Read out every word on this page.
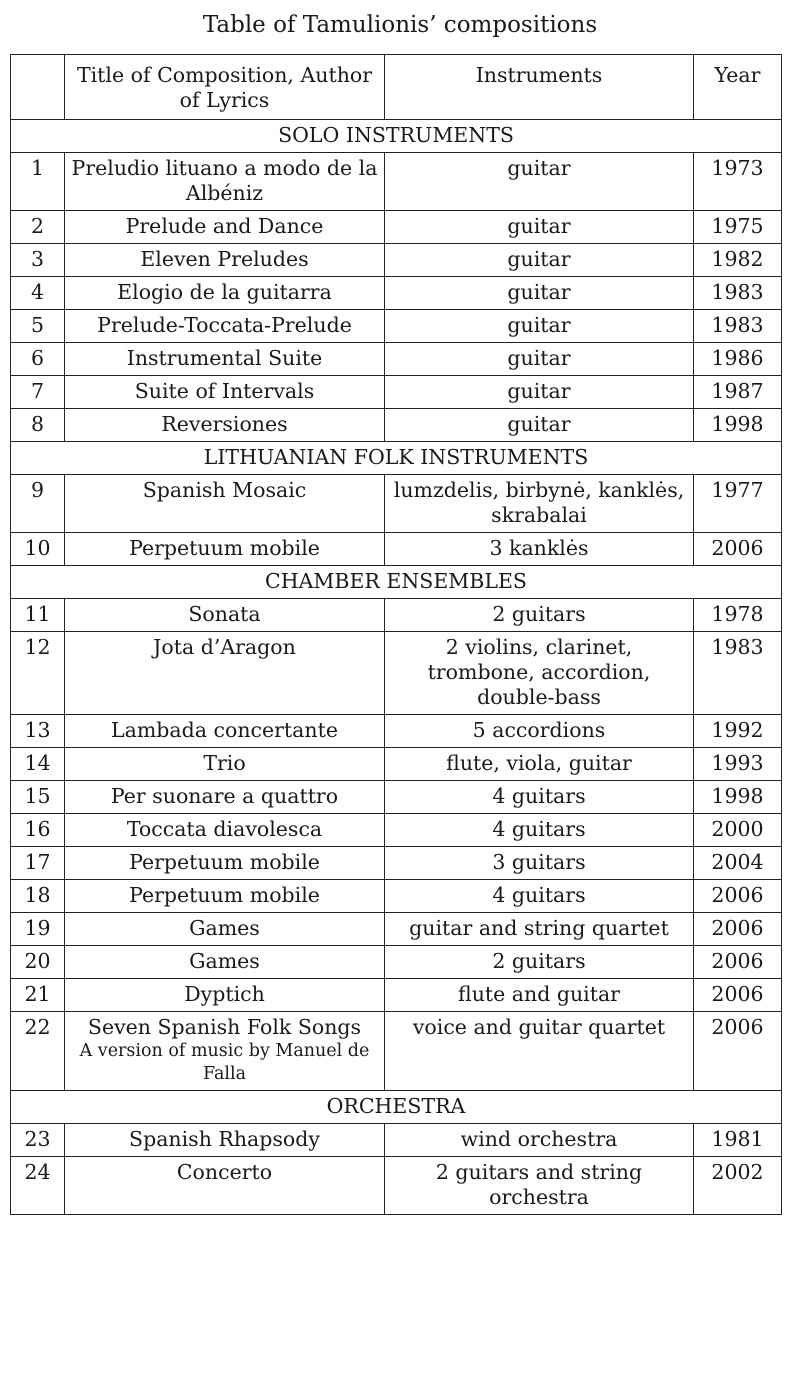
Table of Tamulionis’ compositions
	Title of Composition, Author of Lyrics	Instruments	Year
SOLO INSTRUMENTS			
1	Preludio lituano a modo de la Albéniz	guitar	1973
2	Prelude and Dance	guitar	1975
3	Eleven Preludes	guitar	1982
4	Elogio de la guitarra	guitar	1983
5	Prelude-Toccata-Prelude	guitar	1983
6	Instrumental Suite	guitar	1986
7	Suite of Intervals	guitar	1987
8	Reversiones	guitar	1998
LITHUANIAN FOLK INSTRUMENTS			
9	Spanish Mosaic	lumzdelis, birbynė, kanklės, skrabalai	1977
10	Perpetuum mobile	3 kanklės	2006
CHAMBER ENSEMBLES			
11	Sonata	2 guitars	1978
12	Jota d’Aragon	2 violins, clarinet, trombone, accordion, double-bass	1983
13	Lambada concertante	5 accordions	1992
14	Trio	flute, viola, guitar	1993
15	Per suonare a quattro	4 guitars	1998
16	Toccata diavolesca	4 guitars	2000
17	Perpetuum mobile	3 guitars	2004
18	Perpetuum mobile	4 guitars	2006
19	Games	guitar and string quartet	2006
20	Games	2 guitars	2006
21	Dyptich	flute and guitar	2006
22	Seven Spanish Folk Songs
A version of music by Manuel de Falla	voice and guitar quartet	2006
ORCHESTRA			
23	Spanish Rhapsody	wind orchestra	1981
24	Concerto	2 guitars and string orchestra	2002
